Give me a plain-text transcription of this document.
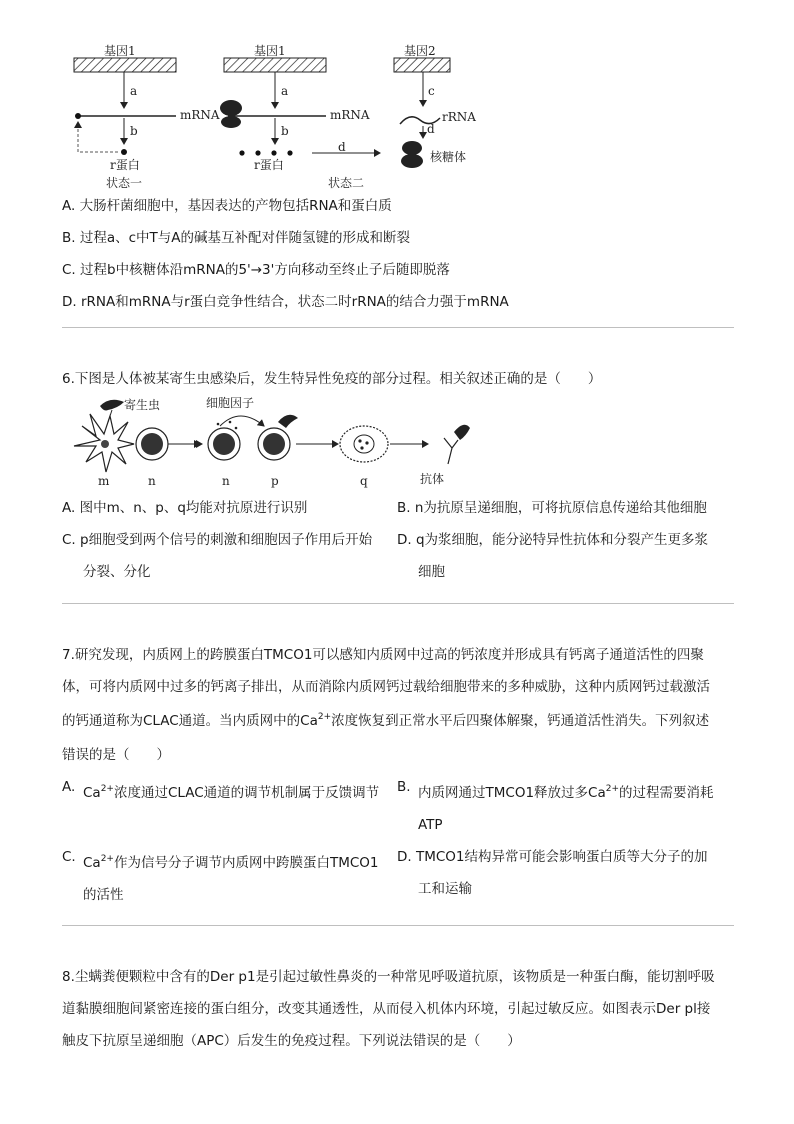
基因1	基因1	基因2
a	a	c
mRNA	mRNA	rRNA
b	b	d
d
r蛋白	r蛋白
核糖体
状态一	状态二
A. 大肠杆菌细胞中，基因表达的产物包括RNA和蛋白质
B. 过程a、c中T与A的碱基互补配对伴随氢键的形成和断裂
C. 过程b中核糖体沿mRNA的5'→3'方向移动至终止子后随即脱落
D. rRNA和mRNA与r蛋白竞争性结合，状态二时rRNA的结合力强于mRNA
6.下图是人体被某寄生虫感染后，发生特异性免疫的部分过程。相关叙述正确的是（　　）
寄生虫	细胞因子
m	n	n	p	q	抗体
A. 图中m、n、p、q均能对抗原进行识别	B. n为抗原呈递细胞，可将抗原信息传递给其他细胞
C. p细胞受到两个信号的刺激和细胞因子作用后开始
分裂、分化
D. q为浆细胞，能分泌特异性抗体和分裂产生更多浆
细胞
7.研究发现，内质网上的跨膜蛋白TMCO1可以感知内质网中过高的钙浓度并形成具有钙离子通道活性的四聚
体，可将内质网中过多的钙离子排出，从而消除内质网钙过载给细胞带来的多种威胁，这种内质网钙过载激活
的钙通道称为CLAC通道。当内质网中的$Ca^{2+}$浓度恢复到正常水平后四聚体解聚，钙通道活性消失。下列叙述
错误的是（　　）
A. $Ca^{2+}$浓度通过CLAC通道的调节机制属于反馈调节 B. 内质网通过TMCO1释放过多$Ca^{2+}$的过程需要消耗
ATP
C. $Ca^{2+}$作为信号分子调节内质网中跨膜蛋白TMCO1
的活性
D. TMCO1结构异常可能会影响蛋白质等大分子的加
工和运输
8.尘螨粪便颗粒中含有的Der p1是引起过敏性鼻炎的一种常见呼吸道抗原，该物质是一种蛋白酶，能切割呼吸
道黏膜细胞间紧密连接的蛋白组分，改变其通透性，从而侵入机体内环境，引起过敏反应。如图表示Der pl接
触皮下抗原呈递细胞（APC）后发生的免疫过程。下列说法错误的是（　　）
